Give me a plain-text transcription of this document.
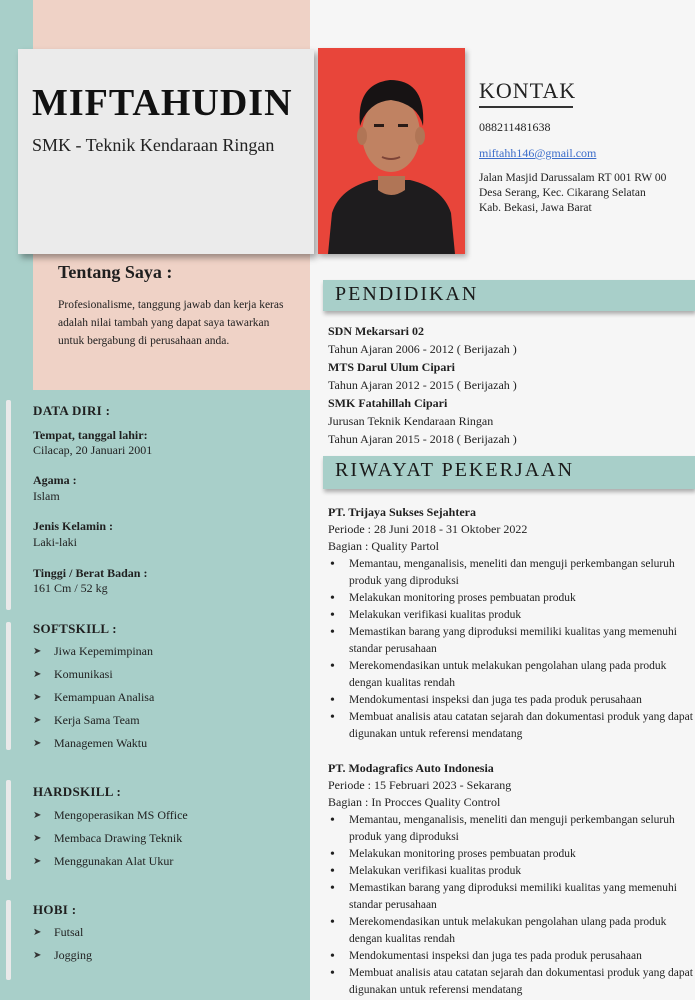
MIFTAHUDIN
SMK - Teknik Kendaraan Ringan
KONTAK
088211481638
miftahh146@gmail.com
Jalan Masjid Darussalam RT 001 RW 00
Desa Serang, Kec. Cikarang Selatan
Kab. Bekasi, Jawa Barat
Tentang Saya :
Profesionalisme, tanggung jawab dan kerja keras adalah nilai tambah yang dapat saya tawarkan untuk bergabung di perusahaan anda.
DATA DIRI :
Tempat, tanggal lahir:
Cilacap, 20 Januari 2001
Agama :
Islam
Jenis Kelamin :
Laki-laki
Tinggi / Berat Badan :
161 Cm / 52 kg
SOFTSKILL :
➤	Jiwa Kepemimpinan
➤	Komunikasi
➤	Kemampuan Analisa
➤	Kerja Sama Team
➤	Managemen Waktu
HARDSKILL :
➤	Mengoperasikan MS Office
➤	Membaca Drawing Teknik
➤	Menggunakan Alat Ukur
HOBI :
➤	Futsal
➤	Jogging
PENDIDIKAN
SDN Mekarsari 02
Tahun Ajaran 2006 - 2012 ( Berijazah )
MTS Darul Ulum Cipari
Tahun Ajaran 2012 - 2015 ( Berijazah )
SMK Fatahillah Cipari
Jurusan Teknik Kendaraan Ringan
Tahun Ajaran 2015 - 2018 ( Berijazah )
RIWAYAT PEKERJAAN
PT. Trijaya Sukses Sejahtera
Periode : 28 Juni 2018 - 31 Oktober 2022
Bagian : Quality Partol
• Memantau, menganalisis, meneliti dan menguji perkembangan seluruh produk yang diproduksi
• Melakukan monitoring proses pembuatan produk
• Melakukan verifikasi kualitas produk
• Memastikan barang yang diproduksi memiliki kualitas yang memenuhi standar perusahaan
• Merekomendasikan untuk melakukan pengolahan ulang pada produk dengan kualitas rendah
• Mendokumentasi inspeksi dan juga tes pada produk perusahaan
• Membuat analisis atau catatan sejarah dan dokumentasi produk yang dapat digunakan untuk referensi mendatang
PT. Modagrafics Auto Indonesia
Periode : 15 Februari 2023 - Sekarang
Bagian : In Procces Quality Control
• Memantau, menganalisis, meneliti dan menguji perkembangan seluruh produk yang diproduksi
• Melakukan monitoring proses pembuatan produk
• Melakukan verifikasi kualitas produk
• Memastikan barang yang diproduksi memiliki kualitas yang memenuhi standar perusahaan
• Merekomendasikan untuk melakukan pengolahan ulang pada produk dengan kualitas rendah
• Mendokumentasi inspeksi dan juga tes pada produk perusahaan
• Membuat analisis atau catatan sejarah dan dokumentasi produk yang dapat digunakan untuk referensi mendatang
